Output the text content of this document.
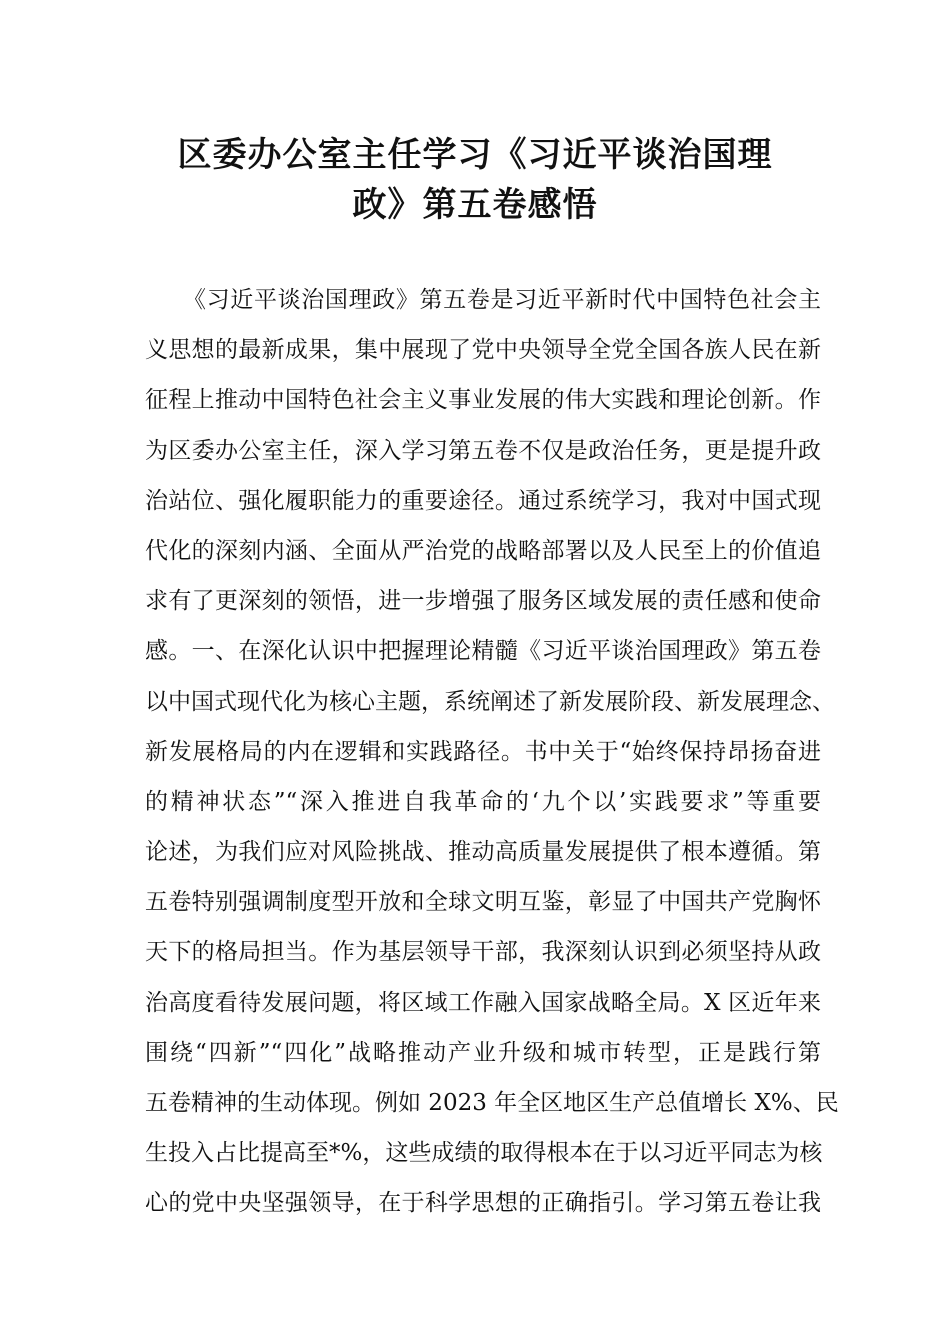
区委办公室主任学习《习近平谈治国理
政》第五卷感悟
《习近平谈治国理政》第五卷是习近平新时代中国特色社会主
义思想的最新成果，集中展现了党中央领导全党全国各族人民在新
征程上推动中国特色社会主义事业发展的伟大实践和理论创新。作
为区委办公室主任，深入学习第五卷不仅是政治任务，更是提升政
治站位、强化履职能力的重要途径。通过系统学习，我对中国式现
代化的深刻内涵、全面从严治党的战略部署以及人民至上的价值追
求有了更深刻的领悟，进一步增强了服务区域发展的责任感和使命
感。一、在深化认识中把握理论精髓《习近平谈治国理政》第五卷
以中国式现代化为核心主题，系统阐述了新发展阶段、新发展理念、
新发展格局的内在逻辑和实践路径。书中关于“始终保持昂扬奋进
的精神状态”“深入推进自我革命的‘九个以’实践要求”等重要
论述，为我们应对风险挑战、推动高质量发展提供了根本遵循。第
五卷特别强调制度型开放和全球文明互鉴，彰显了中国共产党胸怀
天下的格局担当。作为基层领导干部，我深刻认识到必须坚持从政
治高度看待发展问题，将区域工作融入国家战略全局。X 区近年来
围绕“四新”“四化”战略推动产业升级和城市转型，正是践行第
五卷精神的生动体现。例如 2023 年全区地区生产总值增长 X%、民
生投入占比提高至*%，这些成绩的取得根本在于以习近平同志为核
心的党中央坚强领导，在于科学思想的正确指引。学习第五卷让我
